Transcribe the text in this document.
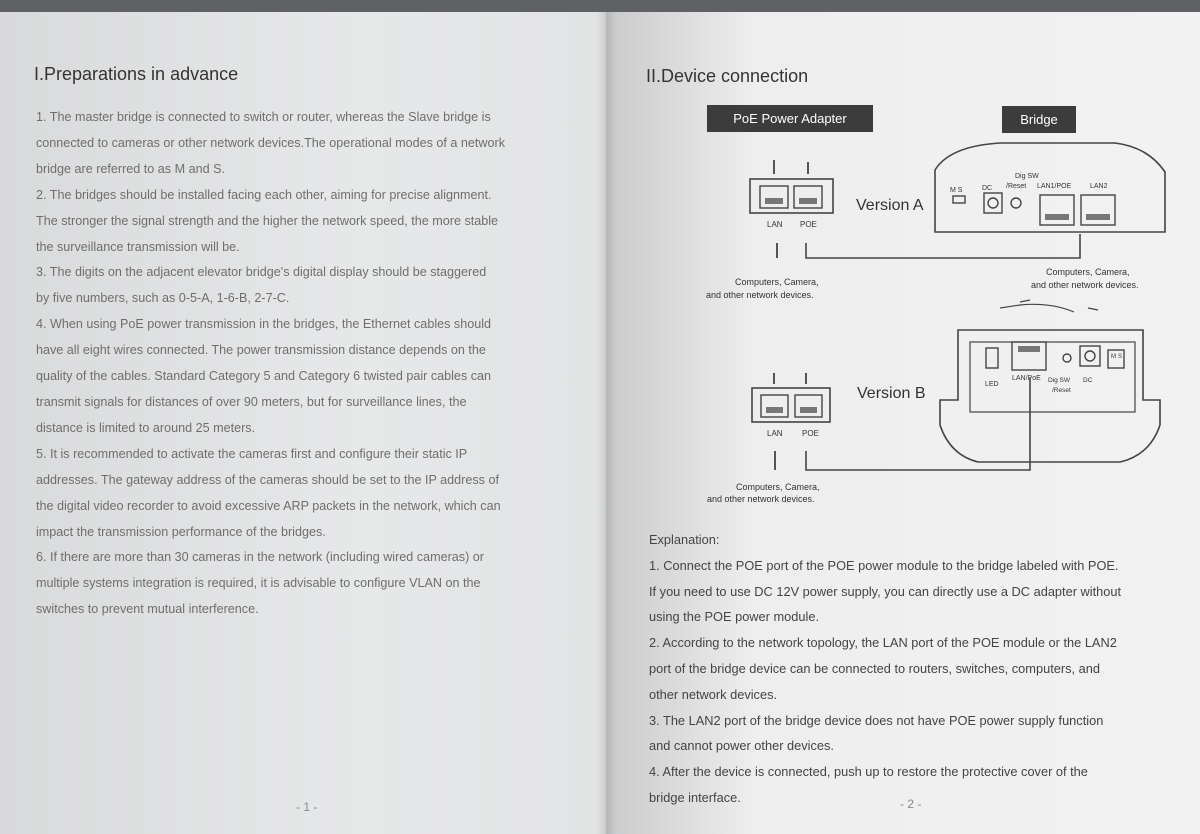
I.Preparations in advance

1. The master bridge is connected to switch or router, whereas the Slave bridge is

connected to cameras or other network devices.The operational modes of a network

bridge are referred to as M and S.

2. The bridges should be installed facing each other, aiming for precise alignment.

The stronger the signal strength and the higher the network speed, the more stable

the surveillance transmission will be.

3. The digits on the adjacent elevator bridge's digital display should be staggered

by five numbers, such as 0-5-A, 1-6-B, 2-7-C.

4. When using PoE power transmission in the bridges, the Ethernet cables should

have all eight wires connected. The power transmission distance depends on the

quality of the cables. Standard Category 5 and Category 6 twisted pair cables can

transmit signals for distances of over 90 meters, but for surveillance lines, the

distance is limited to around 25 meters.

5. It is recommended to activate the cameras first and configure their static IP

addresses. The gateway address of the cameras should be set to the IP address of

the digital video recorder to avoid excessive ARP packets in the network, which can

impact the transmission performance of the bridges.

6. If there are more than 30 cameras in the network (including wired cameras) or

multiple systems integration is required, it is advisable to configure VLAN on the

switches to prevent mutual interference.

- 1 -
II.Device connection
PoE Power Adapter	Bridge
LAN POE
Version A
Computers, Camera,
and other network devices.
M S	DC
Dig SW
/Reset LAN1/POE	LAN2
Computers, Camera,
and other network devices.
Version B
LED
LAN/PoE Dig SW DC
/Reset
M S
LAN POE
Computers, Camera,
and other network devices.

Explanation:

1. Connect the POE port of the POE power module to the bridge labeled with POE.

If you need to use DC 12V power supply, you can directly use a DC adapter without

using the POE power module.

2. According to the network topology, the LAN port of the POE module or the LAN2

port of the bridge device can be connected to routers, switches, computers, and

other network devices.

3. The LAN2 port of the bridge device does not have POE power supply function

and cannot power other devices.

4. After the device is connected, push up to restore the protective cover of the

bridge interface.	- 2 -
